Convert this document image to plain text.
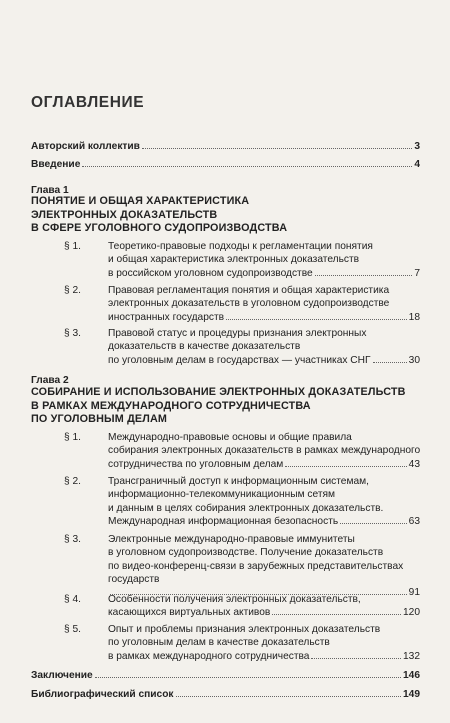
ОГЛАВЛЕНИЕ
Авторский коллектив	3
Введение	4
Глава 1
ПОНЯТИЕ И ОБЩАЯ ХАРАКТЕРИСТИКА
ЭЛЕКТРОННЫХ ДОКАЗАТЕЛЬСТВ
В СФЕРЕ УГОЛОВНОГО СУДОПРОИЗВОДСТВА
§ 1.	Теоретико-правовые подходы к регламентации понятия
и общая характеристика электронных доказательств
в российском уголовном судопроизводстве	7
§ 2.	Правовая регламентация понятия и общая характеристика
электронных доказательств в уголовном судопроизводстве
иностранных государств	18
§ 3.	Правовой статус и процедуры признания электронных
доказательств в качестве доказательств
по уголовным делам в государствах — участниках СНГ	30
Глава 2
СОБИРАНИЕ И ИСПОЛЬЗОВАНИЕ ЭЛЕКТРОННЫХ ДОКАЗАТЕЛЬСТВ
В РАМКАХ МЕЖДУНАРОДНОГО СОТРУДНИЧЕСТВА
ПО УГОЛОВНЫМ ДЕЛАМ
§ 1.	Международно-правовые основы и общие правила
собирания электронных доказательств в рамках международного
сотрудничества по уголовным делам	43
§ 2.	Трансграничный доступ к информационным системам,
информационно-телекоммуникационным сетям
и данным в целях собирания электронных доказательств.
Международная информационная безопасность	63
§ 3.	Электронные международно-правовые иммунитеты
в уголовном судопроизводстве. Получение доказательств
по видео-конференц-связи в зарубежных представительствах
государств
91
§ 4.	Особенности получения электронных доказательств,
касающихся виртуальных активов	120
§ 5.	Опыт и проблемы признания электронных доказательств
по уголовным делам в качестве доказательств
в рамках международного сотрудничества	132
Заключение	146
Библиографический список	149
